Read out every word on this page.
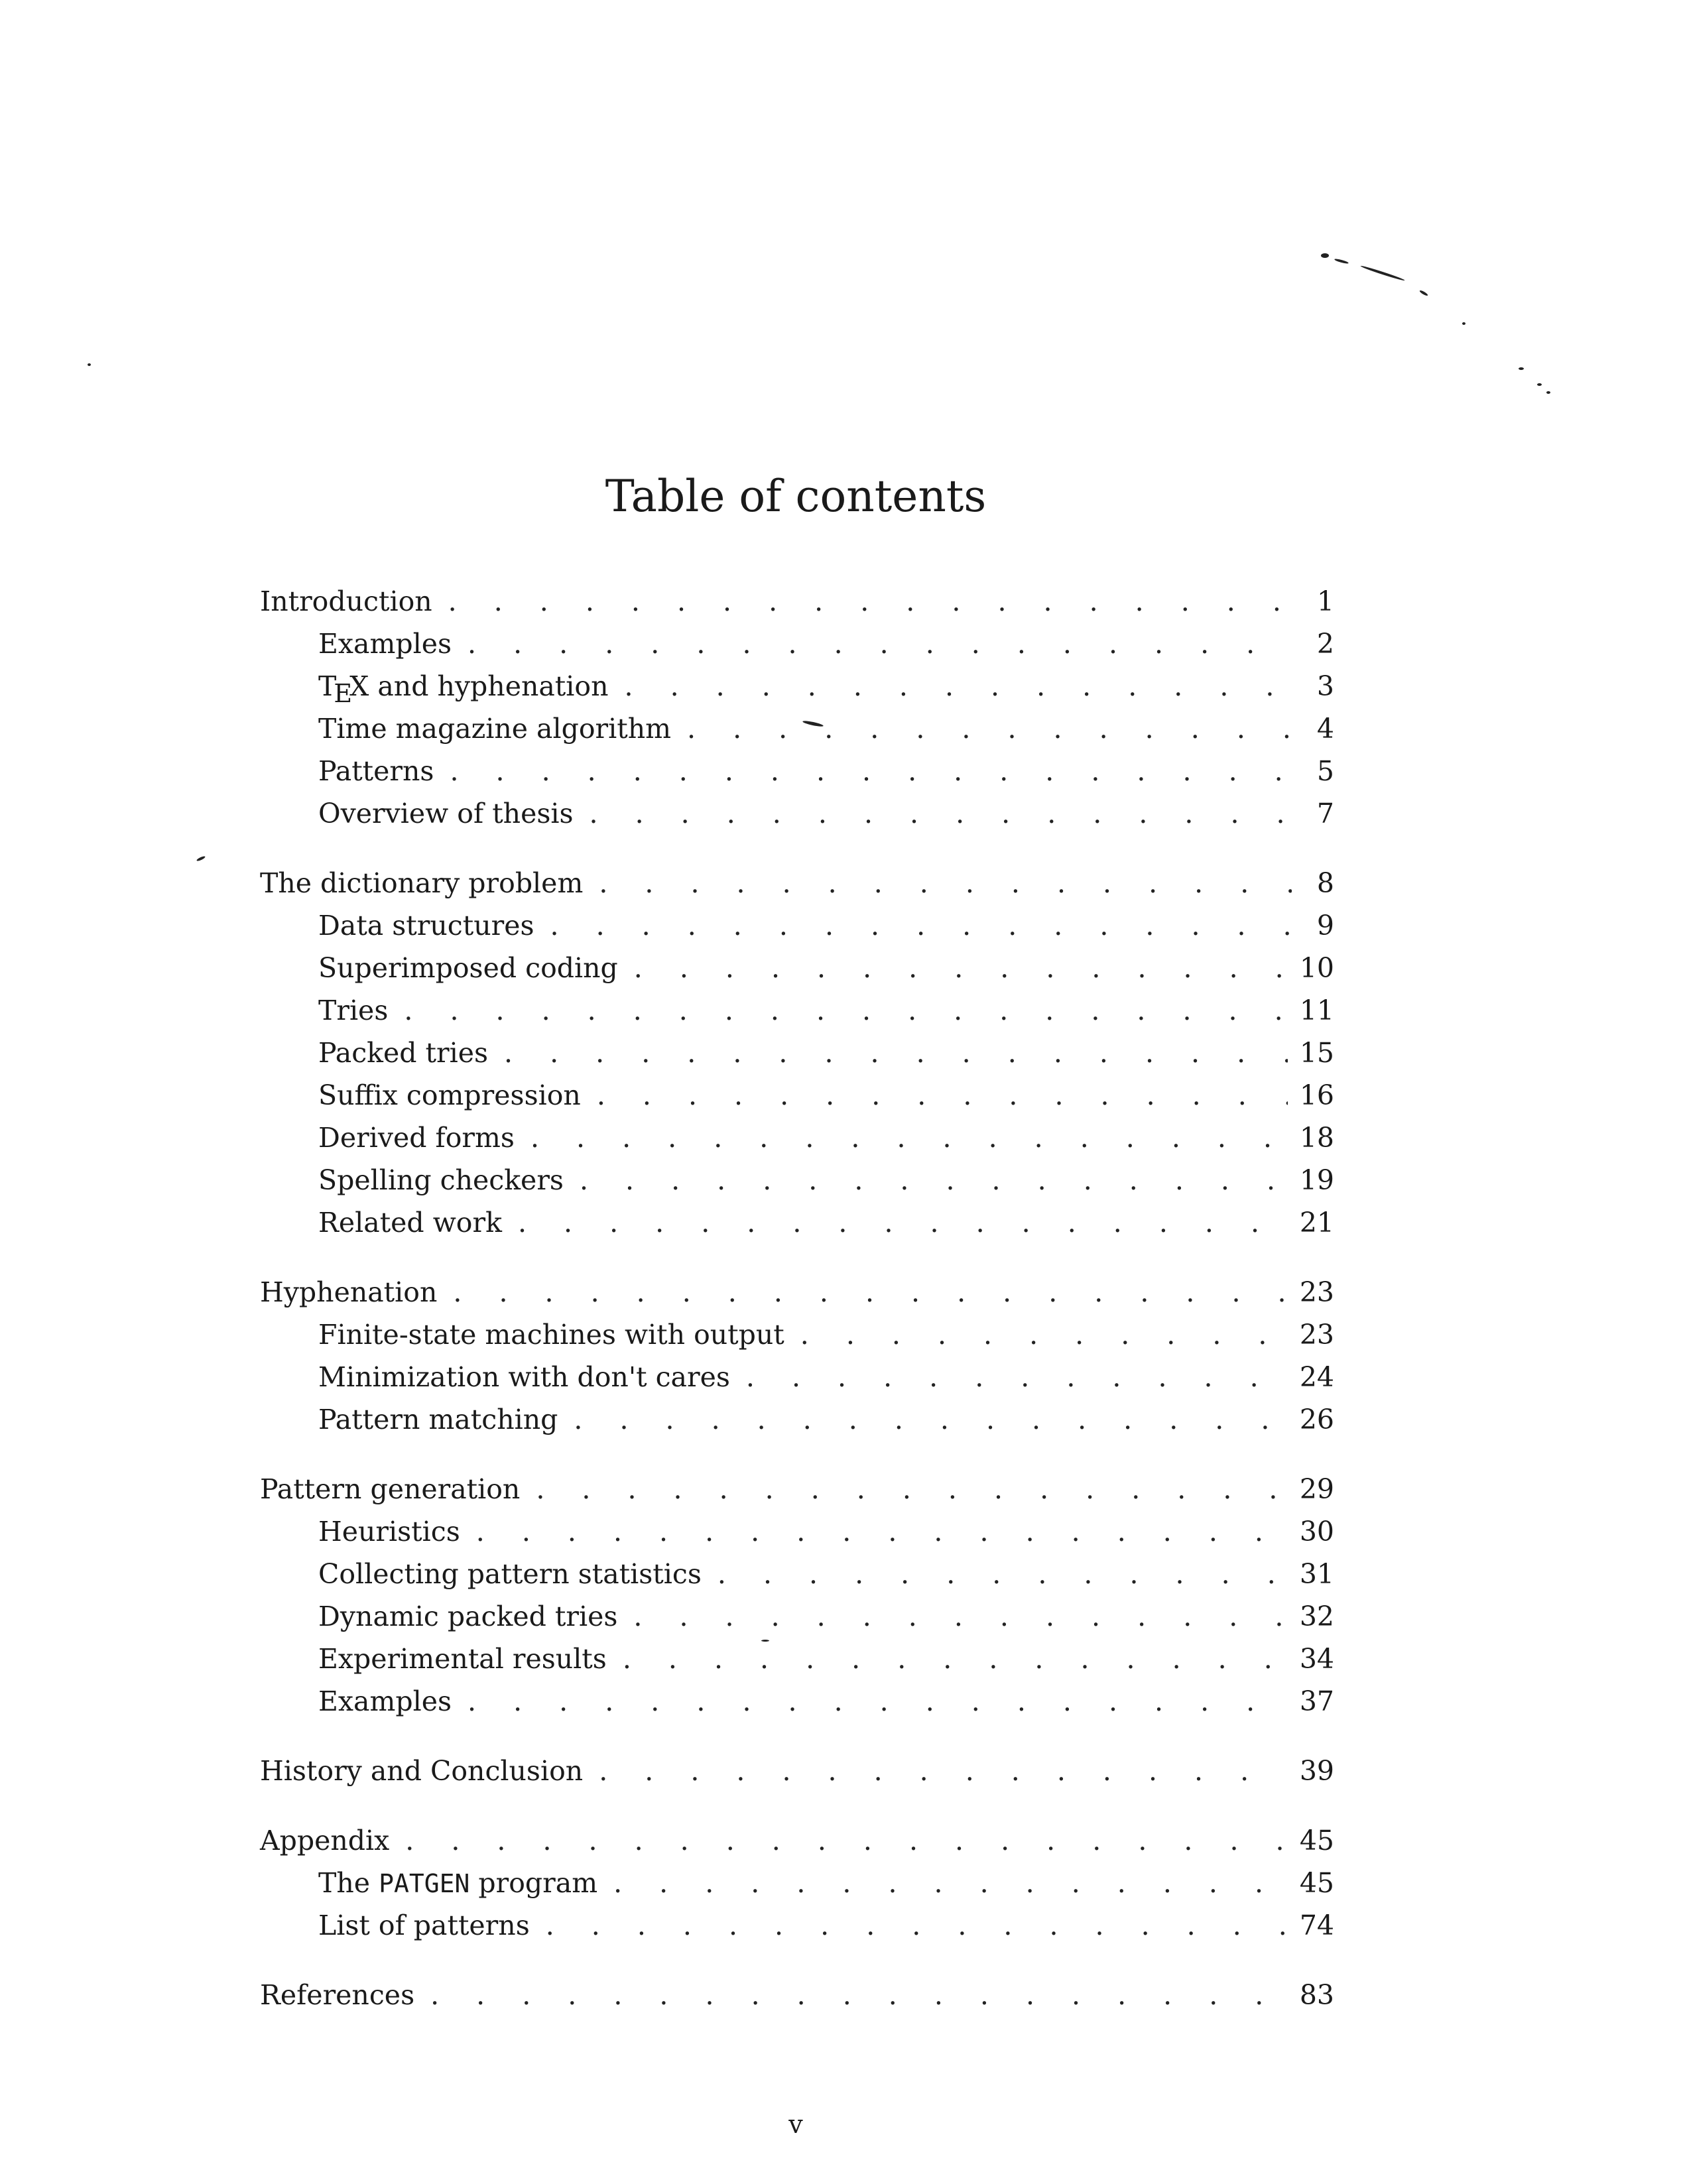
Table of contents
Introduction . . .	1
Examples . . .	2
TEX and hyphenation . . .	3
Time magazine algorithm . . .	4
Patterns . . .	5
Overview of thesis . . .	7
The dictionary problem . . .	8
Data structures . . .	9
Superimposed coding . . .	10
Tries . . .	11
Packed tries . . .	15
Suffix compression . . .	16
Derived forms . . .	18
Spelling checkers . . .	19
Related work . . .	21
Hyphenation . . .	23
Finite-state machines with output . . .	23
Minimization with don't cares . . .	24
Pattern matching . . .	26
Pattern generation . . .	29
Heuristics . . .	30
Collecting pattern statistics . . .	31
Dynamic packed tries . . .	32
Experimental results . . .	34
Examples . . .	37
History and Conclusion . . .	39
Appendix . . .	45
The PATGEN program . . .	45
List of patterns . . .	74
References . . .	83
v
